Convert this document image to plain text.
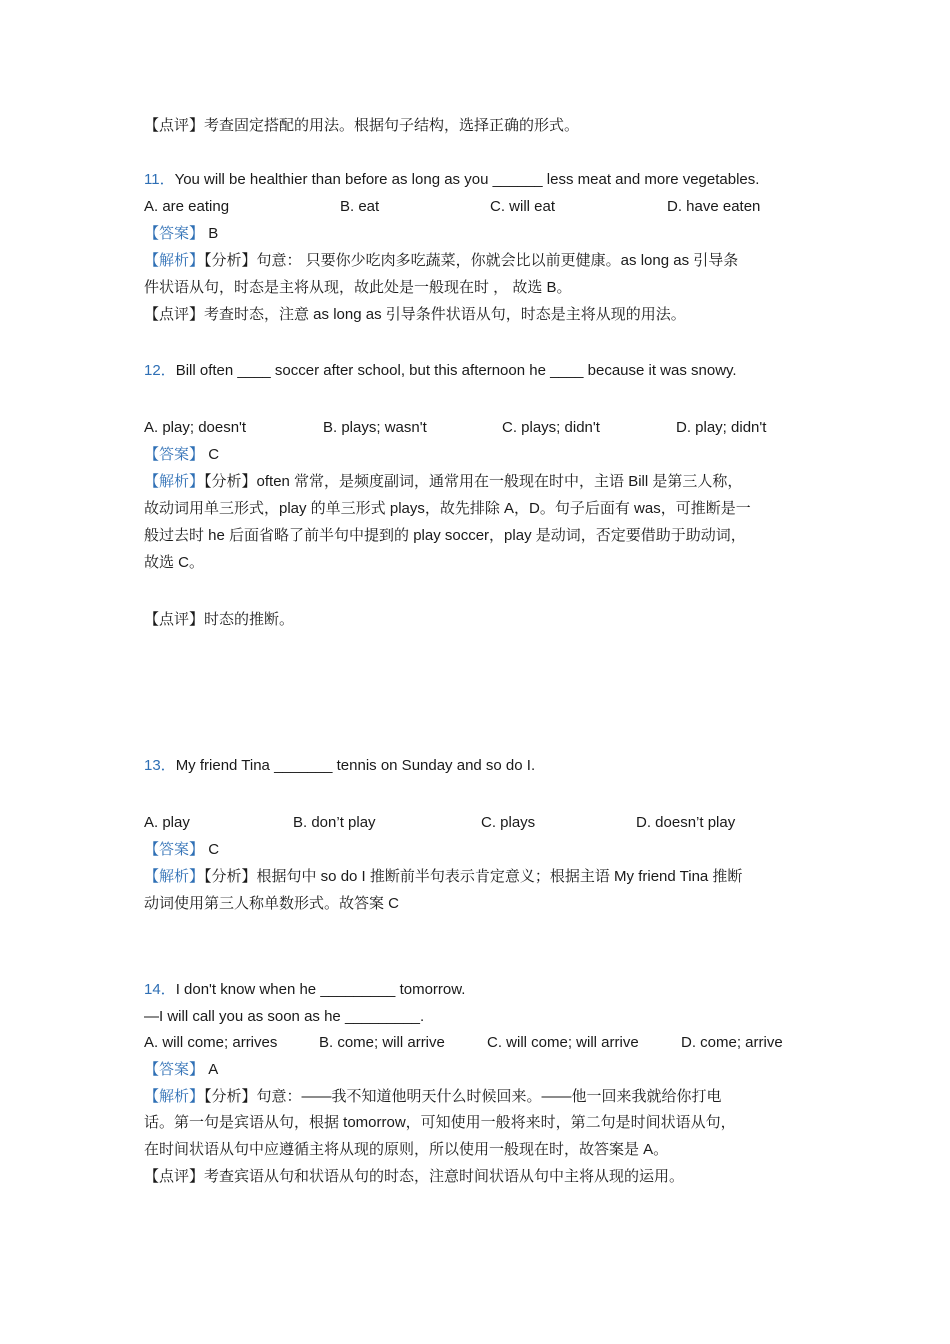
【点评】考查固定搭配的用法。根据句子结构，选择正确的形式。
11．You will be healthier than before as long as you ______ less meat and more vegetables.
A. are eating	B. eat	C. will eat	D. have eaten
【答案】 B
【解析】【分析】句意： 只要你少吃肉多吃蔬菜，你就会比以前更健康。as long as 引导条
件状语从句，时态是主将从现，故此处是一般现在时 ， 故选 B。
【点评】考查时态，注意 as long as 引导条件状语从句，时态是主将从现的用法。
12．Bill often ____ soccer after school, but this afternoon he ____ because it was snowy.
A. play; doesn't	B. plays; wasn't	C. plays; didn't	D. play; didn't
【答案】 C
【解析】【分析】often 常常，是频度副词，通常用在一般现在时中，主语 Bill 是第三人称，
故动词用单三形式，play 的单三形式 plays，故先排除 A，D。句子后面有 was，可推断是一
般过去时 he 后面省略了前半句中提到的 play soccer，play 是动词，否定要借助于助动词，
故选 C。
【点评】时态的推断。
13．My friend Tina _______ tennis on Sunday and so do I.
A. play	B. don’t play	C. plays	D. doesn’t play
【答案】 C
【解析】【分析】根据句中 so do I 推断前半句表示肯定意义；根据主语 My friend Tina 推断
动词使用第三人称单数形式。故答案 C
14．I don't know when he _________ tomorrow.
—I will call you as soon as he _________.
A. will come; arrives	B. come; will arrive	C. will come; will arrive	D. come; arrive
【答案】 A
【解析】【分析】句意：——我不知道他明天什么时候回来。——他一回来我就给你打电
话。第一句是宾语从句，根据 tomorrow，可知使用一般将来时，第二句是时间状语从句，
在时间状语从句中应遵循主将从现的原则，所以使用一般现在时，故答案是 A。
【点评】考查宾语从句和状语从句的时态，注意时间状语从句中主将从现的运用。
